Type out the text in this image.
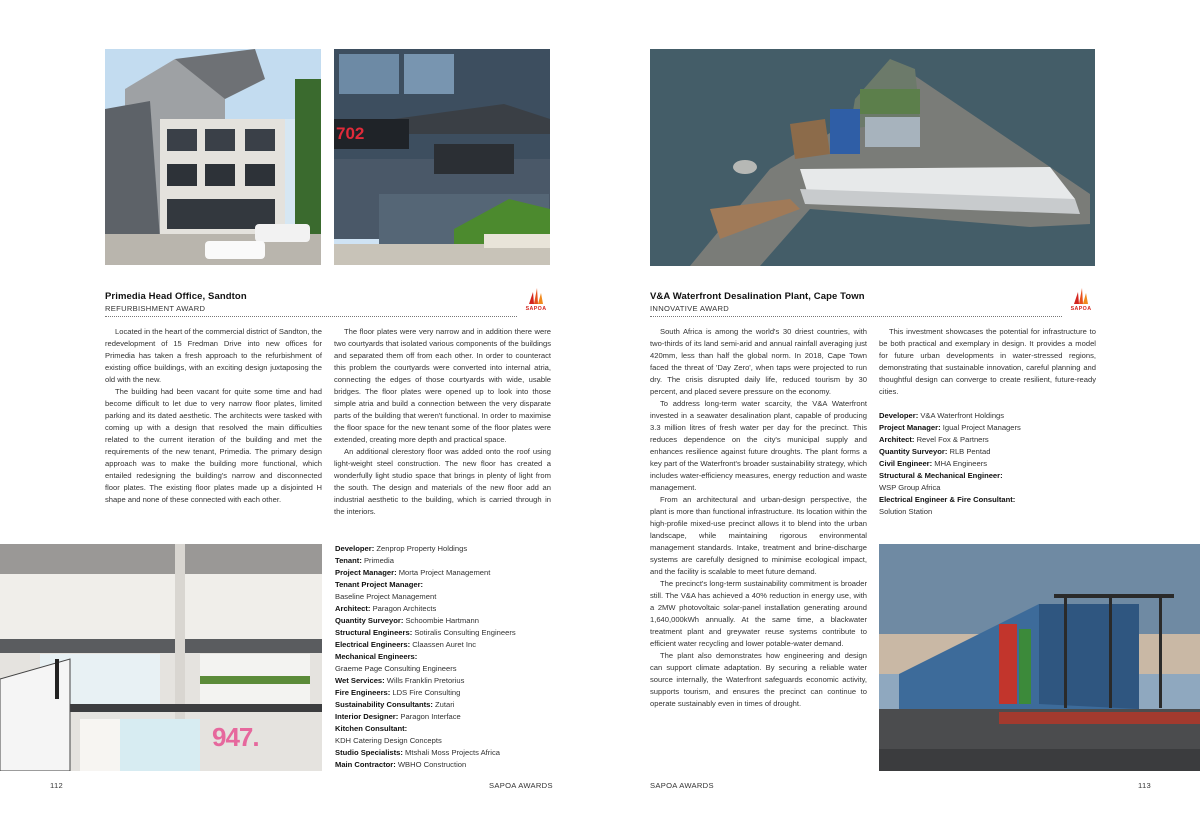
702
Primedia Head Office, Sandton
REFURBISHMENT AWARD	SAPOA

Located in the heart of the commercial district of Sandton, the redevelopment of 15 Fredman Drive into new offices for Primedia has taken a fresh approach to the refurbishment of existing office buildings, with an exciting design juxtaposing the old with the new.

The building had been vacant for quite some time and had become difficult to let due to very narrow floor plates, limited parking and its dated aesthetic. The architects were tasked with coming up with a design that resolved the main difficulties related to the current iteration of the building and met the requirements of the new tenant, Primedia. The primary design approach was to make the building more functional, which entailed redesigning the building's narrow and disconnected floor plates. The existing floor plates made up a disjointed H shape and none of these connected with each other.

The floor plates were very narrow and in addition there were two courtyards that isolated various components of the buildings and separated them off from each other. In order to counteract this problem the courtyards were converted into internal atria, connecting the edges of those courtyards with wide, usable bridges. The floor plates were opened up to look into those simple atria and build a connection between the very disparate parts of the building that weren't functional. In order to maximise the floor space for the new tenant some of the floor plates were extended, creating more depth and practical space.

An additional clerestory floor was added onto the roof using light-weight steel construction. The new floor has created a wonderfully light studio space that brings in plenty of light from the south. The design and materials of the new floor add an industrial aesthetic to the building, which is carried through in the interiors.

947.
Developer: Zenprop Property Holdings
Tenant: Primedia
Project Manager: Morta Project Management
Tenant Project Manager:
Baseline Project Management
Architect: Paragon Architects
Quantity Surveyor: Schoombie Hartmann
Structural Engineers: Sotiralis Consulting Engineers
Electrical Engineers: Claassen Auret Inc
Mechanical Engineers:
Graeme Page Consulting Engineers
Wet Services: Wills Franklin Pretorius
Fire Engineers: LDS Fire Consulting
Sustainability Consultants: Zutari
Interior Designer: Paragon Interface
Kitchen Consultant:
KDH Catering Design Concepts
Studio Specialists: Mtshali Moss Projects Africa
Main Contractor: WBHO Construction
112	SAPOA AWARDS
V&A Waterfront Desalination Plant, Cape Town
INNOVATIVE AWARD	SAPOA

South Africa is among the world's 30 driest countries, with two-thirds of its land semi-arid and annual rainfall averaging just 420mm, less than half the global norm. In 2018, Cape Town faced the threat of 'Day Zero', when taps were projected to run dry. The crisis disrupted daily life, reduced tourism by 30 percent, and placed severe pressure on the economy.

To address long-term water scarcity, the V&A Waterfront invested in a seawater desalination plant, capable of producing 3.3 million litres of fresh water per day for the precinct. This reduces dependence on the city's municipal supply and enhances resilience against future droughts. The plant forms a key part of the Waterfront's broader sustainability strategy, which includes water-efficiency measures, energy reduction and waste management.

From an architectural and urban-design perspective, the plant is more than functional infrastructure. Its location within the high-profile mixed-use precinct allows it to blend into the urban landscape, while maintaining rigorous environmental management standards. Intake, treatment and brine-discharge systems are carefully designed to minimise ecological impact, and the facility is scalable to meet future demand.

The precinct's long-term sustainability commitment is broader still. The V&A has achieved a 40% reduction in energy use, with a 2MW photovoltaic solar-panel installation generating around 1,640,000kWh annually. At the same time, a blackwater treatment plant and greywater reuse systems contribute to efficient water recycling and lower potable-water demand.

The plant also demonstrates how engineering and design can support climate adaptation. By securing a reliable water source internally, the Waterfront safeguards economic activity, supports tourism, and ensures the precinct can continue to operate sustainably even in times of drought.

This investment showcases the potential for infrastructure to be both practical and exemplary in design. It provides a model for future urban developments in water-stressed regions, demonstrating that sustainable innovation, careful planning and thoughtful design can converge to create resilient, future-ready cities.

Developer: V&A Waterfront Holdings
Project Manager: Igual Project Managers
Architect: Revel Fox & Partners
Quantity Surveyor: RLB Pentad
Civil Engineer: MHA Engineers
Structural & Mechanical Engineer:
WSP Group Africa
Electrical Engineer & Fire Consultant:
Solution Station
SAPOA AWARDS	113
